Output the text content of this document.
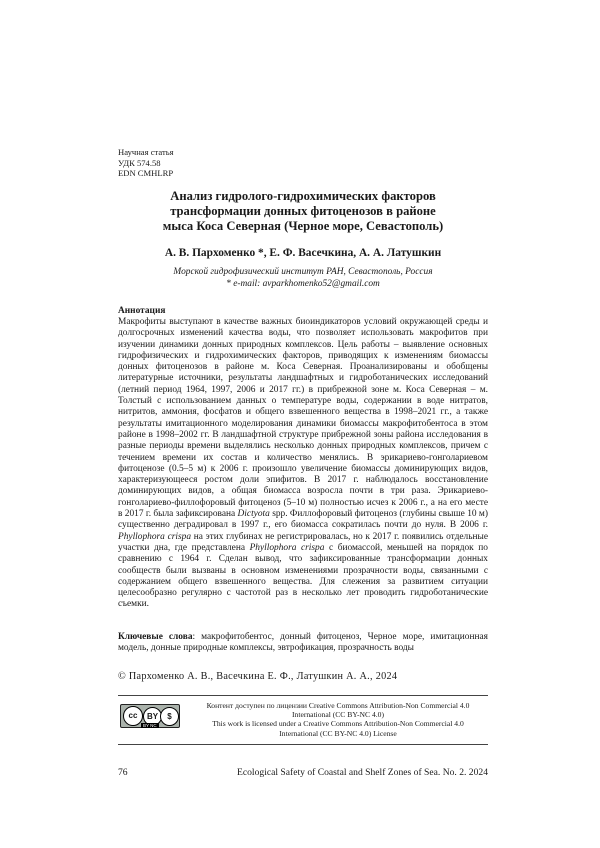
Научная статья
УДК 574.58
EDN CMHLRP
Анализ гидролого-гидрохимических факторов
трансформации донных фитоценозов в районе
мыса Коса Северная (Черное море, Севастополь)
А. В. Пархоменко *, Е. Ф. Васечкина, А. А. Латушкин
Морской гидрофизический институт РАН, Севастополь, Россия
* e-mail: avparkhomenko52@gmail.com
Аннотация
Макрофиты выступают в качестве важных биоиндикаторов условий окружающей среды и долгосрочных изменений качества воды, что позволяет использовать макрофитов при изучении динамики донных природных комплексов. Цель работы – выявление основных гидрофизических и гидрохимических факторов, приводящих к изменениям биомассы донных фитоценозов в районе м. Коса Северная. Проанализированы и обобщены литературные источники, результаты ландшафтных и гидроботанических исследований (летний период 1964, 1997, 2006 и 2017 гг.) в прибрежной зоне м. Коса Северная – м. Толстый с использованием данных о температуре воды, содержании в воде нитратов, нитритов, аммония, фосфатов и общего взвешенного вещества в 1998–2021 гг., а также результаты имитационного моделирования динамики биомассы макрофитобентоса в этом районе в 1998–2002 гг. В ландшафтной структуре прибрежной зоны района исследования в разные периоды времени выделялись несколько донных природных комплексов, причем с течением времени их состав и количество менялись. В эрикариево-гонголариевом фитоценозе (0.5–5 м) к 2006 г. произошло увеличение биомассы доминирующих видов, характеризующееся ростом доли эпифитов. В 2017 г. наблюдалось восстановление доминирующих видов, а общая биомасса возросла почти в три раза. Эрикариево-гонголариево-филлофоровый фитоценоз (5–10 м) полностью исчез к 2006 г., а на его месте в 2017 г. была зафиксирована Dictyota spp. Филлофоровый фитоценоз (глубины свыше 10 м) существенно деградировал в 1997 г., его биомасса сократилась почти до нуля. В 2006 г. Phyllophora crispa на этих глубинах не регистрировалась, но к 2017 г. появились отдельные участки дна, где представлена Phyllophora crispa с биомассой, меньшей на порядок по сравнению с 1964 г. Сделан вывод, что зафиксированные трансформации донных сообществ были вызваны в основном изменениями прозрачности воды, связанными с содержанием общего взвешенного вещества. Для слежения за развитием ситуации целесообразно регулярно с частотой раз в несколько лет проводить гидроботанические съемки.
Ключевые слова: макрофитобентос, донный фитоценоз, Черное море, имитационная модель, донные природные комплексы, эвтрофикация, прозрачность воды
© Пархоменко А. В., Васечкина Е. Ф., Латушкин А. А., 2024
cc	BY	$
BY NC
Контент доступен по лицензии Creative Commons Attribution-Non Commercial 4.0
International (CC BY-NC 4.0)
This work is licensed under a Creative Commons Attribution-Non Commercial 4.0
International (CC BY-NC 4.0) License
76	Ecological Safety of Coastal and Shelf Zones of Sea. No. 2. 2024
